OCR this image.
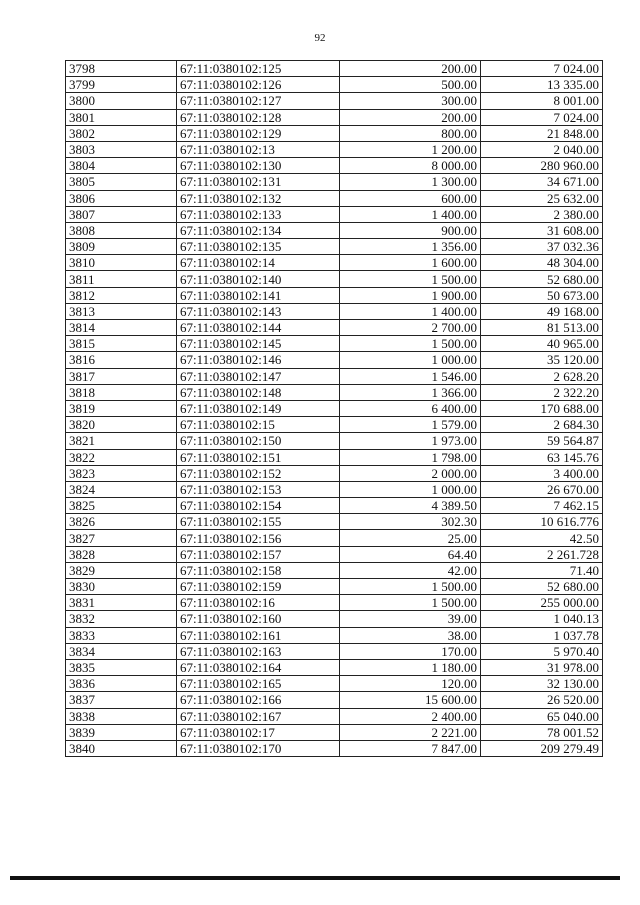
92
3798	67:11:0380102:125	200.00	7 024.00
3799	67:11:0380102:126	500.00	13 335.00
3800	67:11:0380102:127	300.00	8 001.00
3801	67:11:0380102:128	200.00	7 024.00
3802	67:11:0380102:129	800.00	21 848.00
3803	67:11:0380102:13	1 200.00	2 040.00
3804	67:11:0380102:130	8 000.00	280 960.00
3805	67:11:0380102:131	1 300.00	34 671.00
3806	67:11:0380102:132	600.00	25 632.00
3807	67:11:0380102:133	1 400.00	2 380.00
3808	67:11:0380102:134	900.00	31 608.00
3809	67:11:0380102:135	1 356.00	37 032.36
3810	67:11:0380102:14	1 600.00	48 304.00
3811	67:11:0380102:140	1 500.00	52 680.00
3812	67:11:0380102:141	1 900.00	50 673.00
3813	67:11:0380102:143	1 400.00	49 168.00
3814	67:11:0380102:144	2 700.00	81 513.00
3815	67:11:0380102:145	1 500.00	40 965.00
3816	67:11:0380102:146	1 000.00	35 120.00
3817	67:11:0380102:147	1 546.00	2 628.20
3818	67:11:0380102:148	1 366.00	2 322.20
3819	67:11:0380102:149	6 400.00	170 688.00
3820	67:11:0380102:15	1 579.00	2 684.30
3821	67:11:0380102:150	1 973.00	59 564.87
3822	67:11:0380102:151	1 798.00	63 145.76
3823	67:11:0380102:152	2 000.00	3 400.00
3824	67:11:0380102:153	1 000.00	26 670.00
3825	67:11:0380102:154	4 389.50	7 462.15
3826	67:11:0380102:155	302.30	10 616.776
3827	67:11:0380102:156	25.00	42.50
3828	67:11:0380102:157	64.40	2 261.728
3829	67:11:0380102:158	42.00	71.40
3830	67:11:0380102:159	1 500.00	52 680.00
3831	67:11:0380102:16	1 500.00	255 000.00
3832	67:11:0380102:160	39.00	1 040.13
3833	67:11:0380102:161	38.00	1 037.78
3834	67:11:0380102:163	170.00	5 970.40
3835	67:11:0380102:164	1 180.00	31 978.00
3836	67:11:0380102:165	120.00	32 130.00
3837	67:11:0380102:166	15 600.00	26 520.00
3838	67:11:0380102:167	2 400.00	65 040.00
3839	67:11:0380102:17	2 221.00	78 001.52
3840	67:11:0380102:170	7 847.00	209 279.49
